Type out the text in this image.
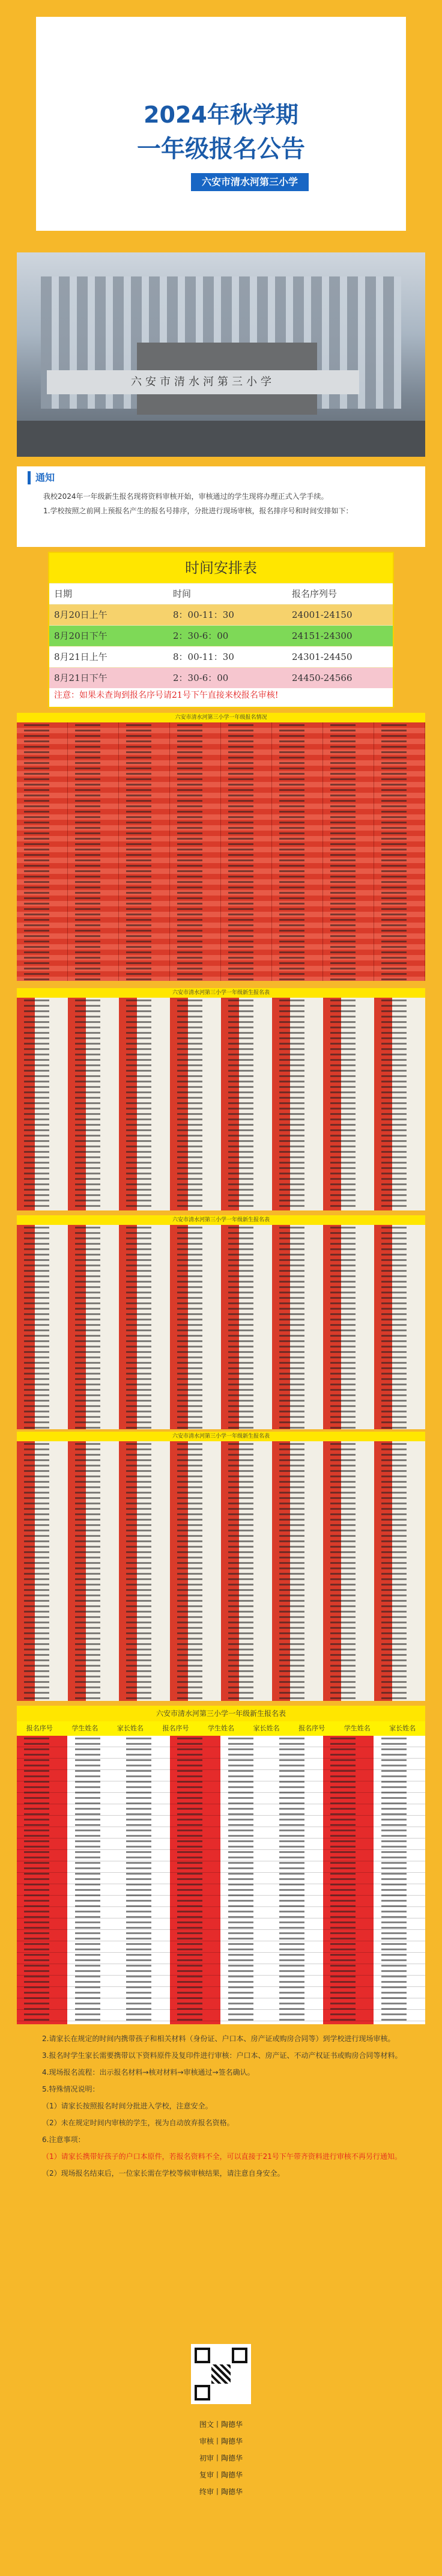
2024年秋学期
一年级报名公告
六安市清水河第三小学
六安市清水河第三小学
通知
我校2024年一年级新生报名现将资料审核开始，审核通过的学生现将办理正式入学手续。
1.学校按照之前网上预报名产生的报名号排序，分批进行现场审核，报名排序号和时间安排如下：
时间安排表
日期	时间	报名序列号
8月20日上午	8：00-11：30	24001-24150
8月20日下午	2：30-6：00	24151-24300
8月21日上午	8：00-11：30	24301-24450
8月21日下午	2：30-6：00	24450-24566
注意：如果未查询到报名序号请21号下午直接来校报名审核!
六安市清水河第三小学一年级报名情况
六安市清水河第三小学一年级新生报名表
六安市清水河第三小学一年级新生报名表
六安市清水河第三小学一年级新生报名表
六安市清水河第三小学一年级新生报名表
报名序号	学生姓名	家长姓名	报名序号	学生姓名	家长姓名	报名序号	学生姓名	家长姓名

2.请家长在规定的时间内携带孩子和相关材料（身份证、户口本、房产证或购房合同等）到学校进行现场审核。

3.报名时学生家长需要携带以下资料原件及复印件进行审核：户口本、房产证、不动产权证书或购房合同等材料。

4.现场报名流程：出示报名材料→核对材料→审核通过→签名确认。

5.特殊情况说明：

（1）请家长按照报名时间分批进入学校，注意安全。

（2）未在规定时间内审核的学生，视为自动放弃报名资格。

6.注意事项：

（1）请家长携带好孩子的户口本原件，若报名资料不全，可以直接于21号下午带齐资料进行审核不再另行通知。

（2）现场报名结束后，一位家长需在学校等候审核结果，请注意自身安全。

图文丨陶德华
审核丨陶德华
初审丨陶德华
复审丨陶德华
终审丨陶德华
